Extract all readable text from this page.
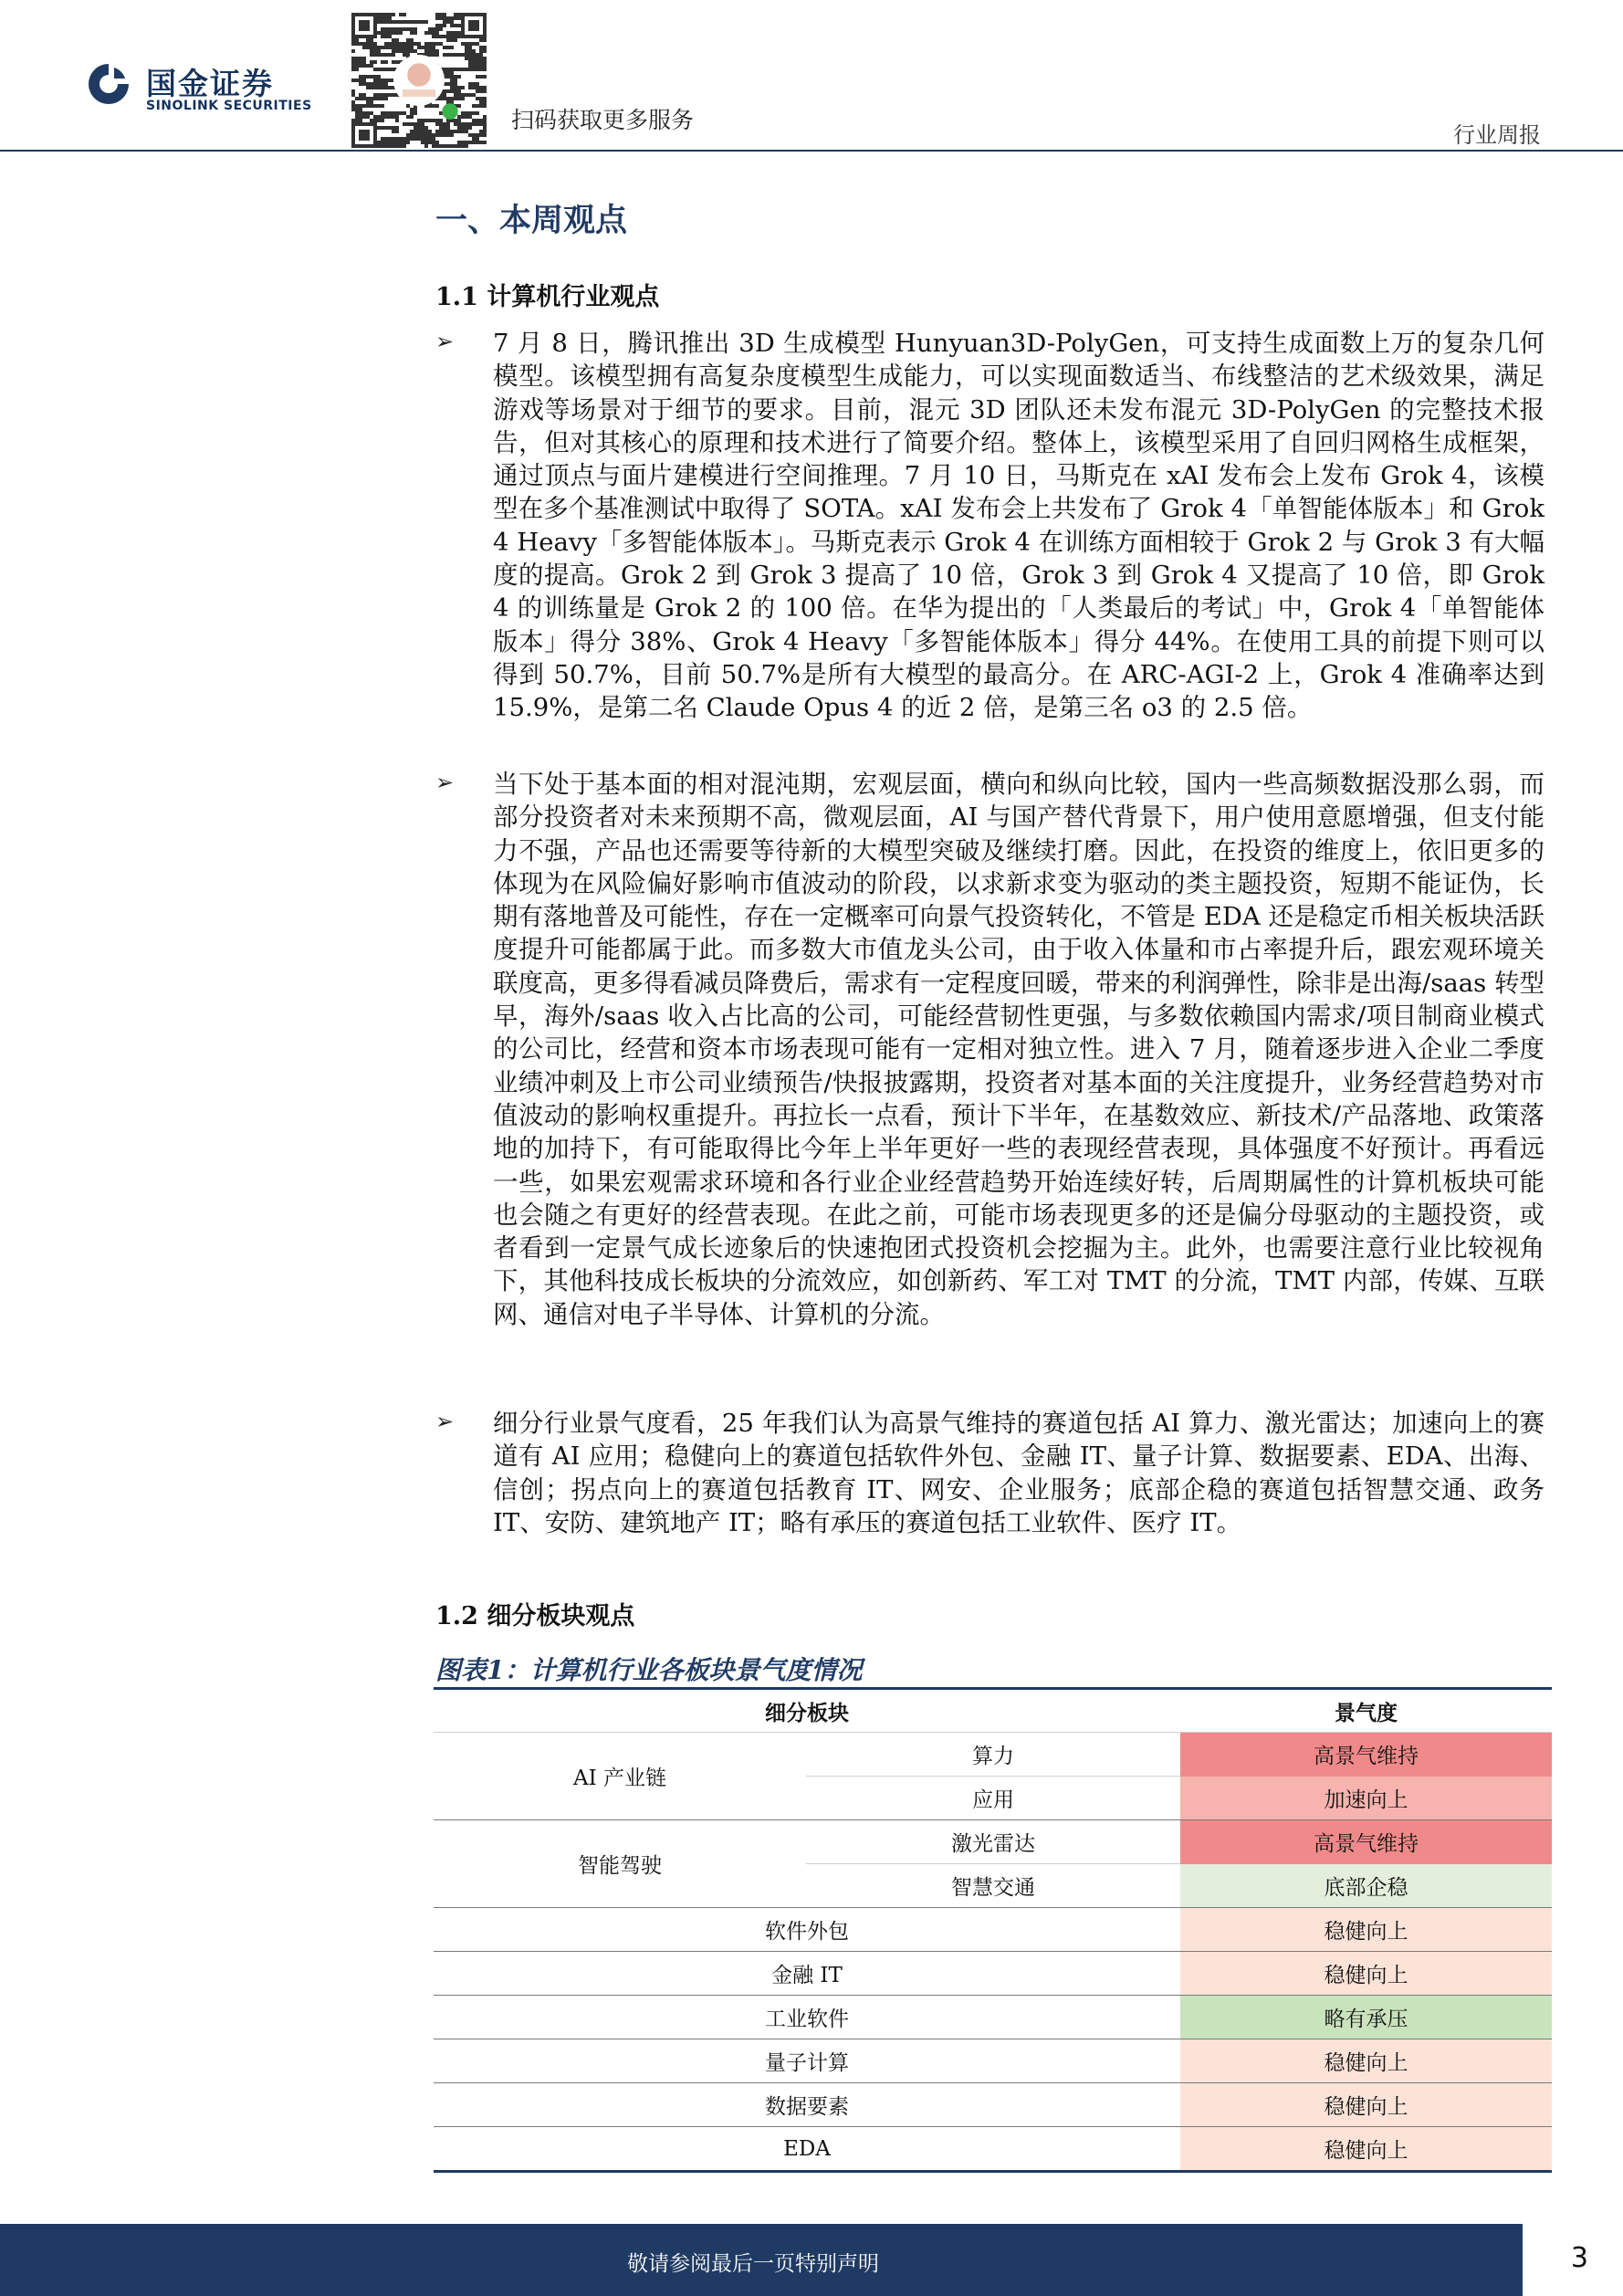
国金证券
SINOLINK SECURITIES
扫码获取更多服务
行业周报
一、本周观点
1.1 计算机行业观点
➢ 7 月 8 日，腾讯推出 3D 生成模型 Hunyuan3D-PolyGen，可支持生成面数上万的复杂几何模型。该模型拥有高复杂度模型生成能力，可以实现面数适当、布线整洁的艺术级效果，满足游戏等场景对于细节的要求。目前，混元 3D 团队还未发布混元 3D-PolyGen 的完整技术报告，但对其核心的原理和技术进行了简要介绍。整体上，该模型采用了自回归网格生成框架，通过顶点与面片建模进行空间推理。7 月 10 日，马斯克在 xAI 发布会上发布 Grok 4，该模型在多个基准测试中取得了 SOTA。xAI 发布会上共发布了 Grok 4「单智能体版本」和 Grok 4 Heavy「多智能体版本」。马斯克表示 Grok 4 在训练方面相较于 Grok 2 与 Grok 3 有大幅度的提高。Grok 2 到 Grok 3 提高了 10 倍，Grok 3 到 Grok 4 又提高了 10 倍，即 Grok 4 的训练量是 Grok 2 的 100 倍。在华为提出的「人类最后的考试」中，Grok 4「单智能体版本」得分 38%、Grok 4 Heavy「多智能体版本」得分 44%。在使用工具的前提下则可以得到 50.7%，目前 50.7%是所有大模型的最高分。在 ARC-AGI-2 上，Grok 4 准确率达到 15.9%，是第二名 Claude Opus 4 的近 2 倍，是第三名 o3 的 2.5 倍。
➢ 当下处于基本面的相对混沌期，宏观层面，横向和纵向比较，国内一些高频数据没那么弱，而部分投资者对未来预期不高，微观层面，AI 与国产替代背景下，用户使用意愿增强，但支付能力不强，产品也还需要等待新的大模型突破及继续打磨。因此，在投资的维度上，依旧更多的体现为在风险偏好影响市值波动的阶段，以求新求变为驱动的类主题投资，短期不能证伪，长期有落地普及可能性，存在一定概率可向景气投资转化，不管是 EDA 还是稳定币相关板块活跃度提升可能都属于此。而多数大市值龙头公司，由于收入体量和市占率提升后，跟宏观环境关联度高，更多得看减员降费后，需求有一定程度回暖，带来的利润弹性，除非是出海/saas 转型早，海外/saas 收入占比高的公司，可能经营韧性更强，与多数依赖国内需求/项目制商业模式的公司比，经营和资本市场表现可能有一定相对独立性。进入 7 月，随着逐步进入企业二季度业绩冲刺及上市公司业绩预告/快报披露期，投资者对基本面的关注度提升，业务经营趋势对市值波动的影响权重提升。再拉长一点看，预计下半年，在基数效应、新技术/产品落地、政策落地的加持下，有可能取得比今年上半年更好一些的表现经营表现，具体强度不好预计。再看远一些，如果宏观需求环境和各行业企业经营趋势开始连续好转，后周期属性的计算机板块可能也会随之有更好的经营表现。在此之前，可能市场表现更多的还是偏分母驱动的主题投资，或者看到一定景气成长迹象后的快速抱团式投资机会挖掘为主。此外，也需要注意行业比较视角下，其他科技成长板块的分流效应，如创新药、军工对 TMT 的分流，TMT 内部，传媒、互联网、通信对电子半导体、计算机的分流。
➢ 细分行业景气度看，25 年我们认为高景气维持的赛道包括 AI 算力、激光雷达；加速向上的赛道有 AI 应用；稳健向上的赛道包括软件外包、金融 IT、量子计算、数据要素、EDA、出海、信创；拐点向上的赛道包括教育 IT、网安、企业服务；底部企稳的赛道包括智慧交通、政务 IT、安防、建筑地产 IT；略有承压的赛道包括工业软件、医疗 IT。
1.2 细分板块观点
图表1：计算机行业各板块景气度情况
细分板块		景气度
AI 产业链	算力	高景气维持
	应用	加速向上
智能驾驶	激光雷达	高景气维持
	智慧交通	底部企稳
软件外包		稳健向上
金融 IT		稳健向上
工业软件		略有承压
量子计算		稳健向上
数据要素		稳健向上
EDA		稳健向上
敬请参阅最后一页特别声明	3
